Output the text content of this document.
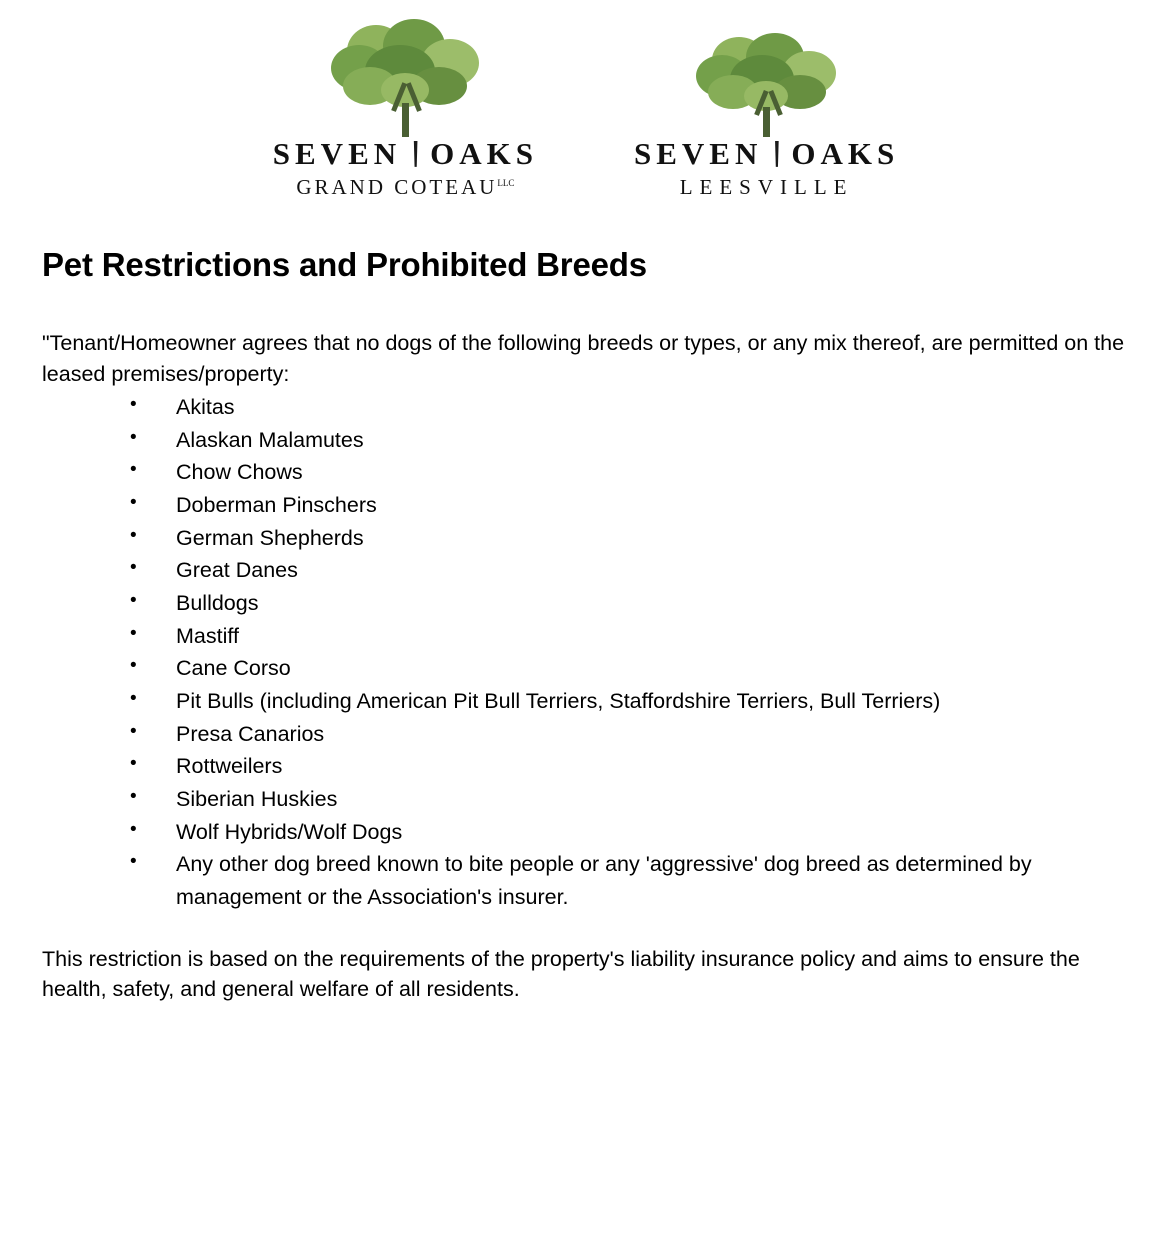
SEVEN OAKS
GRAND $COTEAU^{LLC}$
SEVEN OAKS
LEESVILLE
Pet Restrictions and Prohibited Breeds

"Tenant/Homeowner agrees that no dogs of the following breeds or types, or any mix thereof, are permitted on the leased premises/property:

• Akitas
• Alaskan Malamutes
• Chow Chows
• Doberman Pinschers
• German Shepherds
• Great Danes
• Bulldogs
• Mastiff
• Cane Corso
• Pit Bulls (including American Pit Bull Terriers, Staffordshire Terriers, Bull Terriers)
• Presa Canarios
• Rottweilers
• Siberian Huskies
• Wolf Hybrids/Wolf Dogs
• Any other dog breed known to bite people or any 'aggressive' dog breed as determined by management or the Association's insurer.

This restriction is based on the requirements of the property's liability insurance policy and aims to ensure the health, safety, and general welfare of all residents.
